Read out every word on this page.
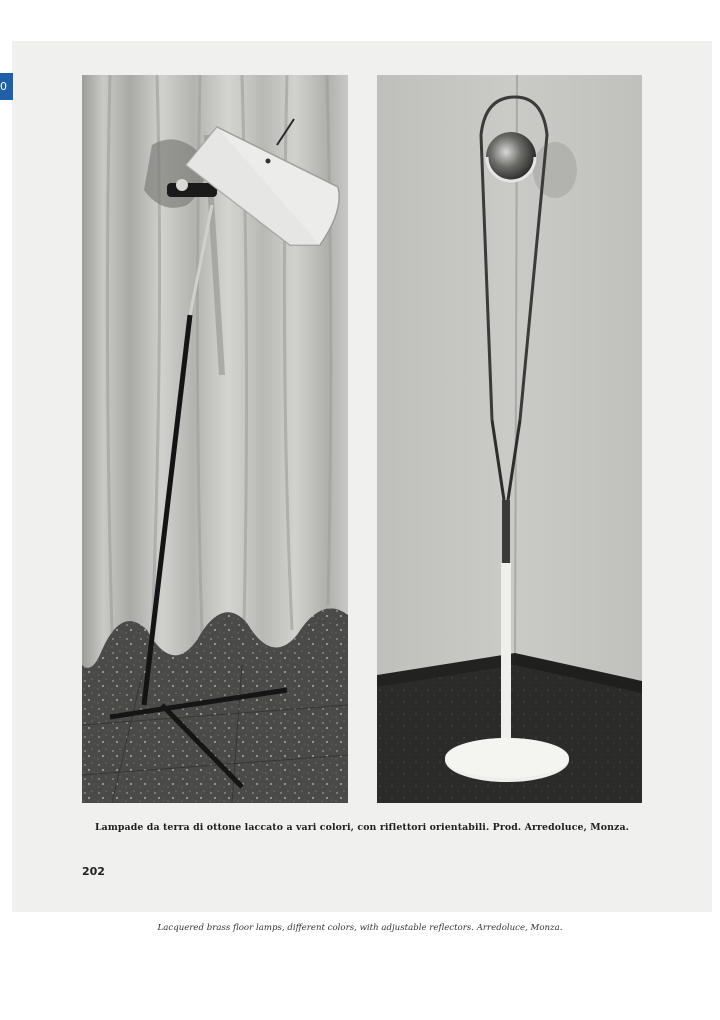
0
Lampade da terra di ottone laccato a vari colori, con riflettori orientabili. Prod. Arredoluce, Monza.
202
Lacquered brass floor lamps, different colors, with adjustable reflectors. Arredoluce, Monza.
